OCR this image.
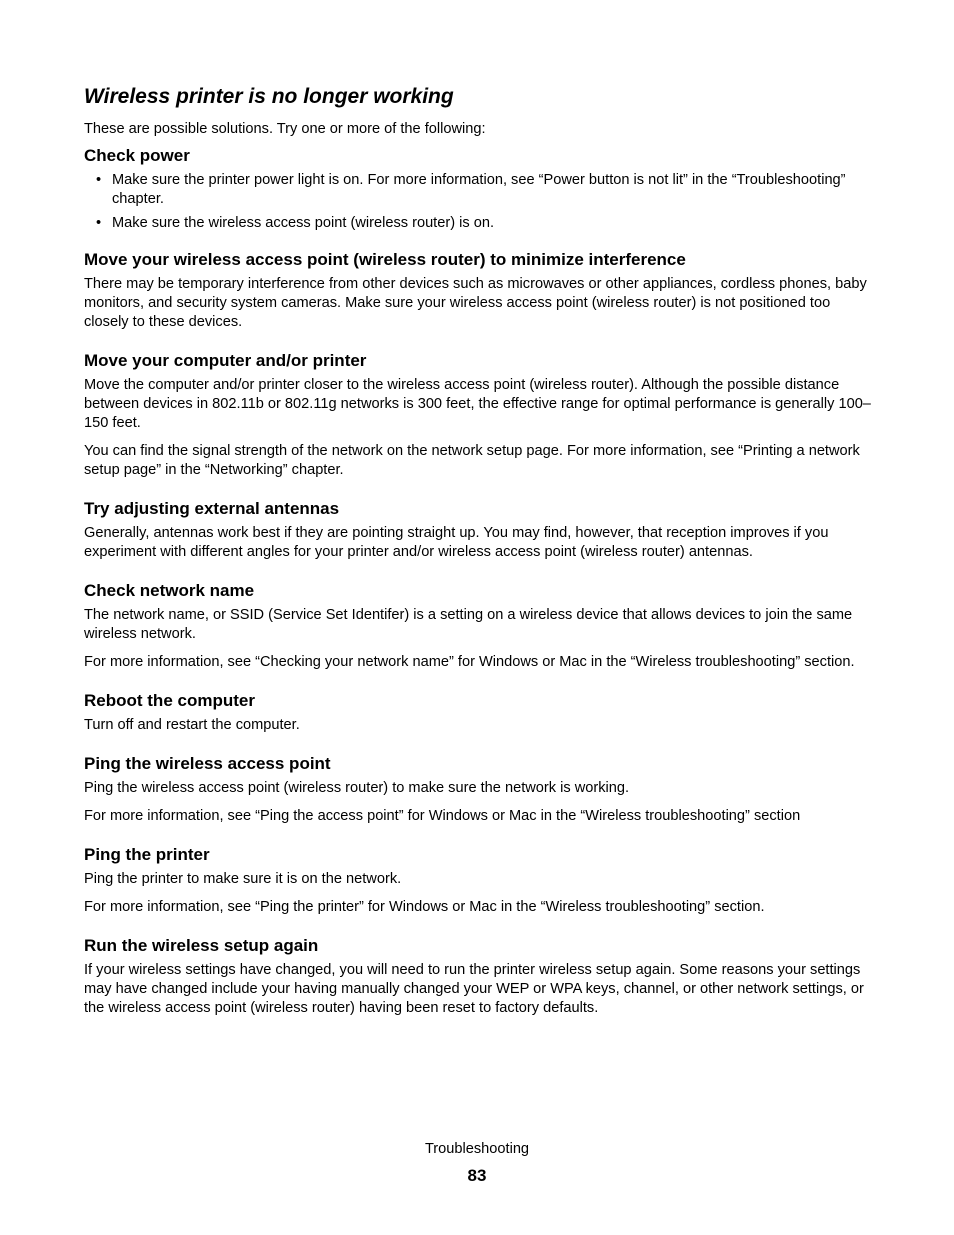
Wireless printer is no longer working

These are possible solutions. Try one or more of the following:

Check power
• Make sure the printer power light is on. For more information, see “Power button is not lit” in the “Troubleshooting” chapter.
• Make sure the wireless access point (wireless router) is on.
Move your wireless access point (wireless router) to minimize interference

There may be temporary interference from other devices such as microwaves or other appliances, cordless phones, baby monitors, and security system cameras. Make sure your wireless access point (wireless router) is not positioned too closely to these devices.

Move your computer and/or printer

Move the computer and/or printer closer to the wireless access point (wireless router). Although the possible distance between devices in 802.11b or 802.11g networks is 300 feet, the effective range for optimal performance is generally 100–150 feet.

You can find the signal strength of the network on the network setup page. For more information, see “Printing a network setup page” in the “Networking” chapter.

Try adjusting external antennas

Generally, antennas work best if they are pointing straight up. You may find, however, that reception improves if you experiment with different angles for your printer and/or wireless access point (wireless router) antennas.

Check network name

The network name, or SSID (Service Set Identifer) is a setting on a wireless device that allows devices to join the same wireless network.

For more information, see “Checking your network name” for Windows or Mac in the “Wireless troubleshooting” section.

Reboot the computer

Turn off and restart the computer.

Ping the wireless access point

Ping the wireless access point (wireless router) to make sure the network is working.

For more information, see “Ping the access point” for Windows or Mac in the “Wireless troubleshooting” section

Ping the printer

Ping the printer to make sure it is on the network.

For more information, see “Ping the printer” for Windows or Mac in the “Wireless troubleshooting” section.

Run the wireless setup again

If your wireless settings have changed, you will need to run the printer wireless setup again. Some reasons your settings may have changed include your having manually changed your WEP or WPA keys, channel, or other network settings, or the wireless access point (wireless router) having been reset to factory defaults.

Troubleshooting
83
